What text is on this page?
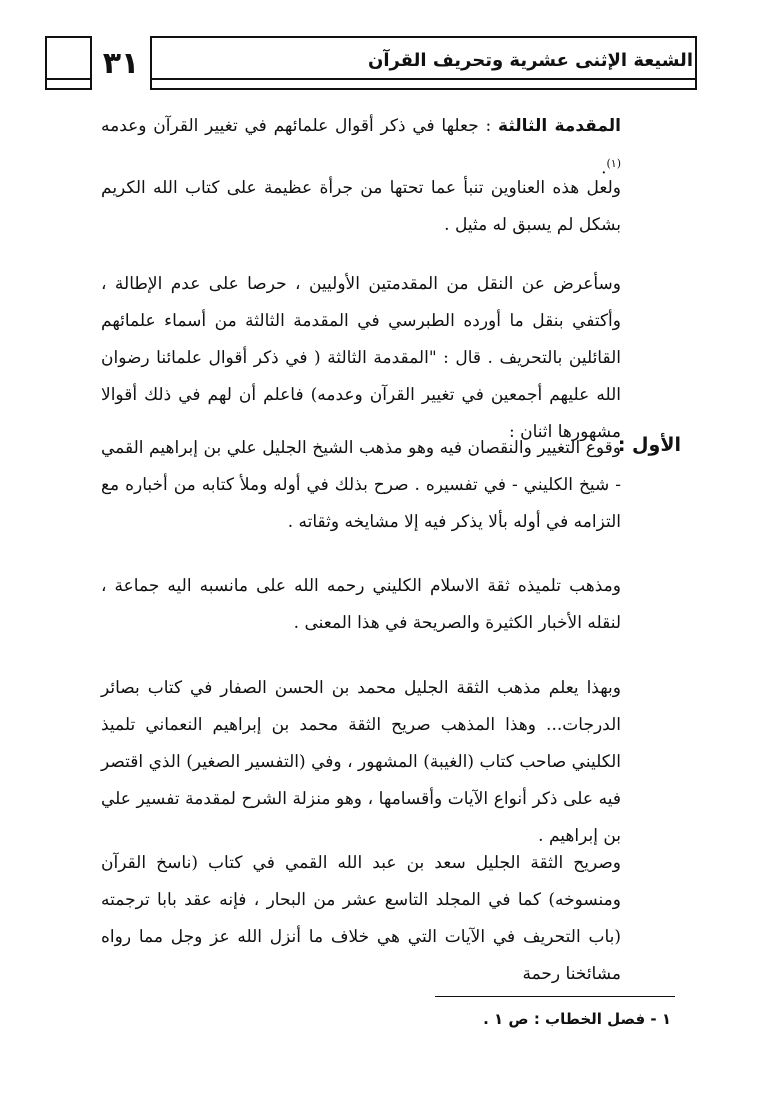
٣١	الشيعة الإثنى عشرية وتحريف القرآن
المقدمة الثالثة : جعلها في ذكر أقوال علمائهم في تغيير القرآن وعدمه $^{(١)}$.
ولعل هذه العناوين تنبأ عما تحتها من جرأة عظيمة على كتاب الله الكريم بشكل لم يسبق له مثيل .
وسأعرض عن النقل من المقدمتين الأوليين ، حرصا على عدم الإطالة ، وأكتفي بنقل ما أورده الطبرسي في المقدمة الثالثة من أسماء علمائهم القائلين بالتحريف . قال : "المقدمة الثالثة ( في ذكر أقوال علمائنا رضوان الله عليهم أجمعين في تغيير القرآن وعدمه) فاعلم أن لهم في ذلك أقوالا مشهورها اثنان :
الأول :
وقوع التغيير والنقصان فيه وهو مذهب الشيخ الجليل علي بن إبراهيم القمي - شيخ الكليني - في تفسيره . صرح بذلك في أوله وملأ كتابه من أخباره مع التزامه في أوله بألا يذكر فيه إلا مشايخه وثقاته .
ومذهب تلميذه ثقة الاسلام الكليني رحمه الله على مانسبه اليه جماعة ، لنقله الأخبار الكثيرة والصريحة في هذا المعنى .
وبهذا يعلم مذهب الثقة الجليل محمد بن الحسن الصفار في كتاب بصائر الدرجات... وهذا المذهب صريح الثقة محمد بن إبراهيم النعماني تلميذ الكليني صاحب كتاب (الغيبة) المشهور ، وفي (التفسير الصغير) الذي اقتصر فيه على ذكر أنواع الآيات وأقسامها ، وهو منزلة الشرح لمقدمة تفسير علي بن إبراهيم .
وصريح الثقة الجليل سعد بن عبد الله القمي في كتاب (ناسخ القرآن ومنسوخه) كما في المجلد التاسع عشر من البحار ، فإنه عقد بابا ترجمته (باب التحريف في الآيات التي هي خلاف ما أنزل الله عز وجل مما رواه مشائخنا رحمة
١ - فصل الخطاب : ص ١ .
